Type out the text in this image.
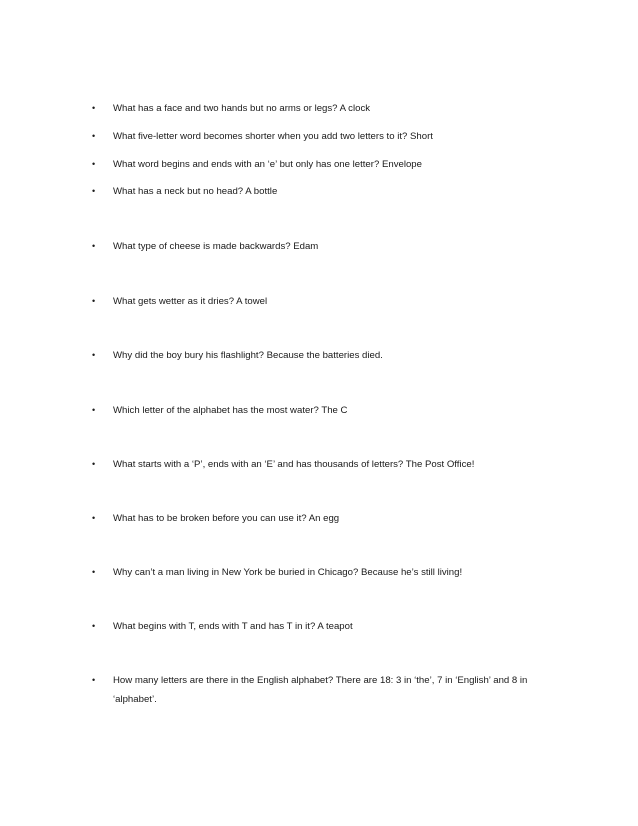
• What has a face and two hands but no arms or legs? A clock
• What five-letter word becomes shorter when you add two letters to it? Short
• What word begins and ends with an ‘e’ but only has one letter? Envelope
• What has a neck but no head? A bottle
• What type of cheese is made backwards? Edam
• What gets wetter as it dries? A towel
• Why did the boy bury his flashlight? Because the batteries died.
• Which letter of the alphabet has the most water? The C
• What starts with a ‘P’, ends with an ‘E’ and has thousands of letters? The Post Office!
• What has to be broken before you can use it? An egg
• Why can’t a man living in New York be buried in Chicago? Because he’s still living!
• What begins with T, ends with T and has T in it? A teapot
• How many letters are there in the English alphabet? There are 18: 3 in ‘the’, 7 in ‘English’ and 8 in ‘alphabet’.
